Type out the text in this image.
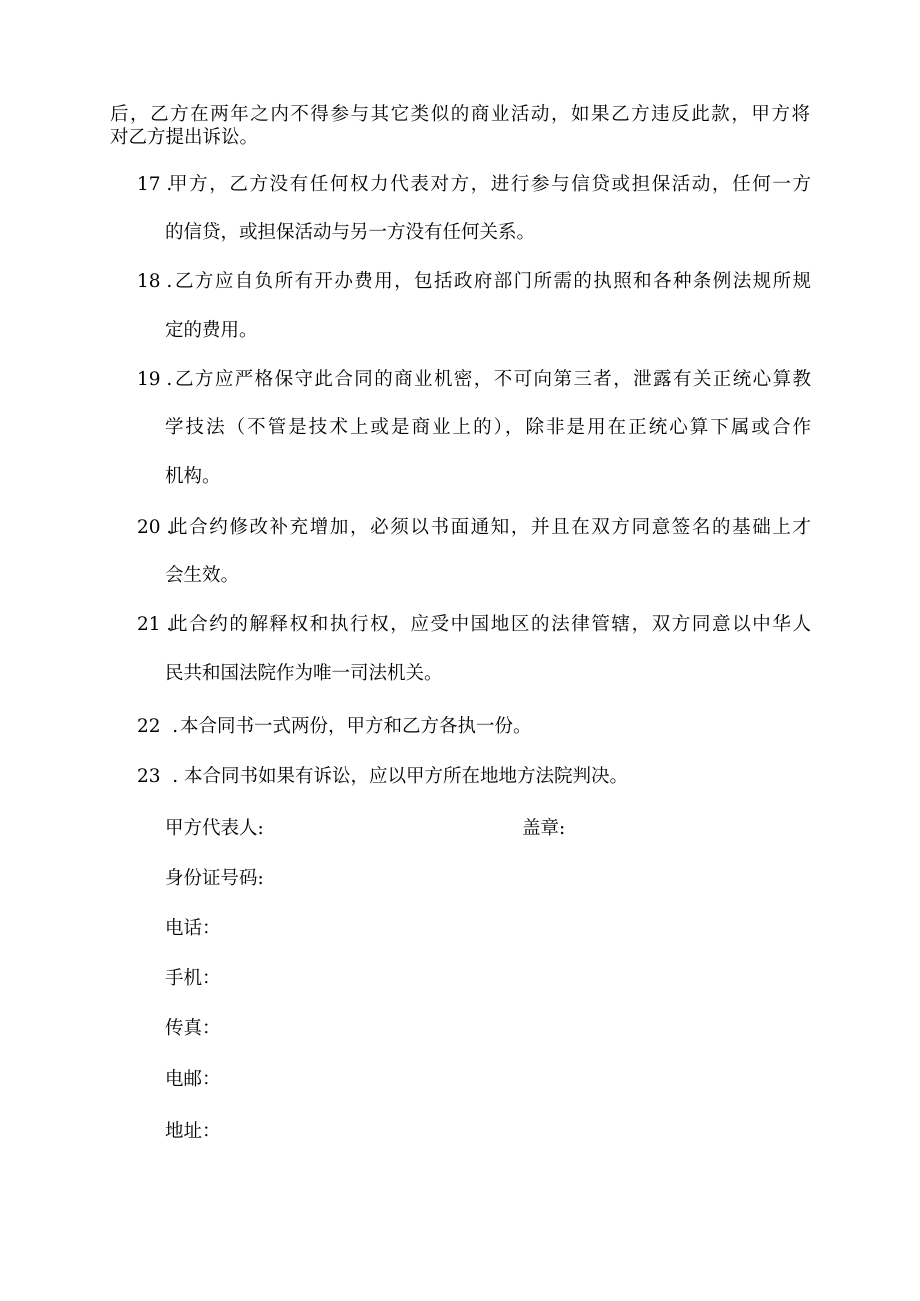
后，乙方在两年之内不得参与其它类似的商业活动，如果乙方违反此款，甲方将
对乙方提出诉讼。
17 .
甲方，乙方没有任何权力代表对方，进行参与信贷或担保活动，任何一方
的信贷，或担保活动与另一方没有任何关系。
18 . 乙方应自负所有开办费用，包括政府部门所需的执照和各种条例法规所规
定的费用。
19 . 乙方应严格保守此合同的商业机密，不可向第三者，泄露有关正统心算教
学技法（不管是技术上或是商业上的），除非是用在正统心算下属或合作
机构。
20 .
此合约修改补充增加，必须以书面通知，并且在双方同意签名的基础上才
会生效。
21 .
此合约的解释权和执行权，应受中国地区的法律管辖，双方同意以中华人
民共和国法院作为唯一司法机关。
22  . 本合同书一式两份，甲方和乙方各执一份。
23  . 本合同书如果有诉讼，应以甲方所在地地方法院判决。
甲方代表人:	盖章:
身份证号码:
电话：
手机：
传真：
电邮：
地址：
